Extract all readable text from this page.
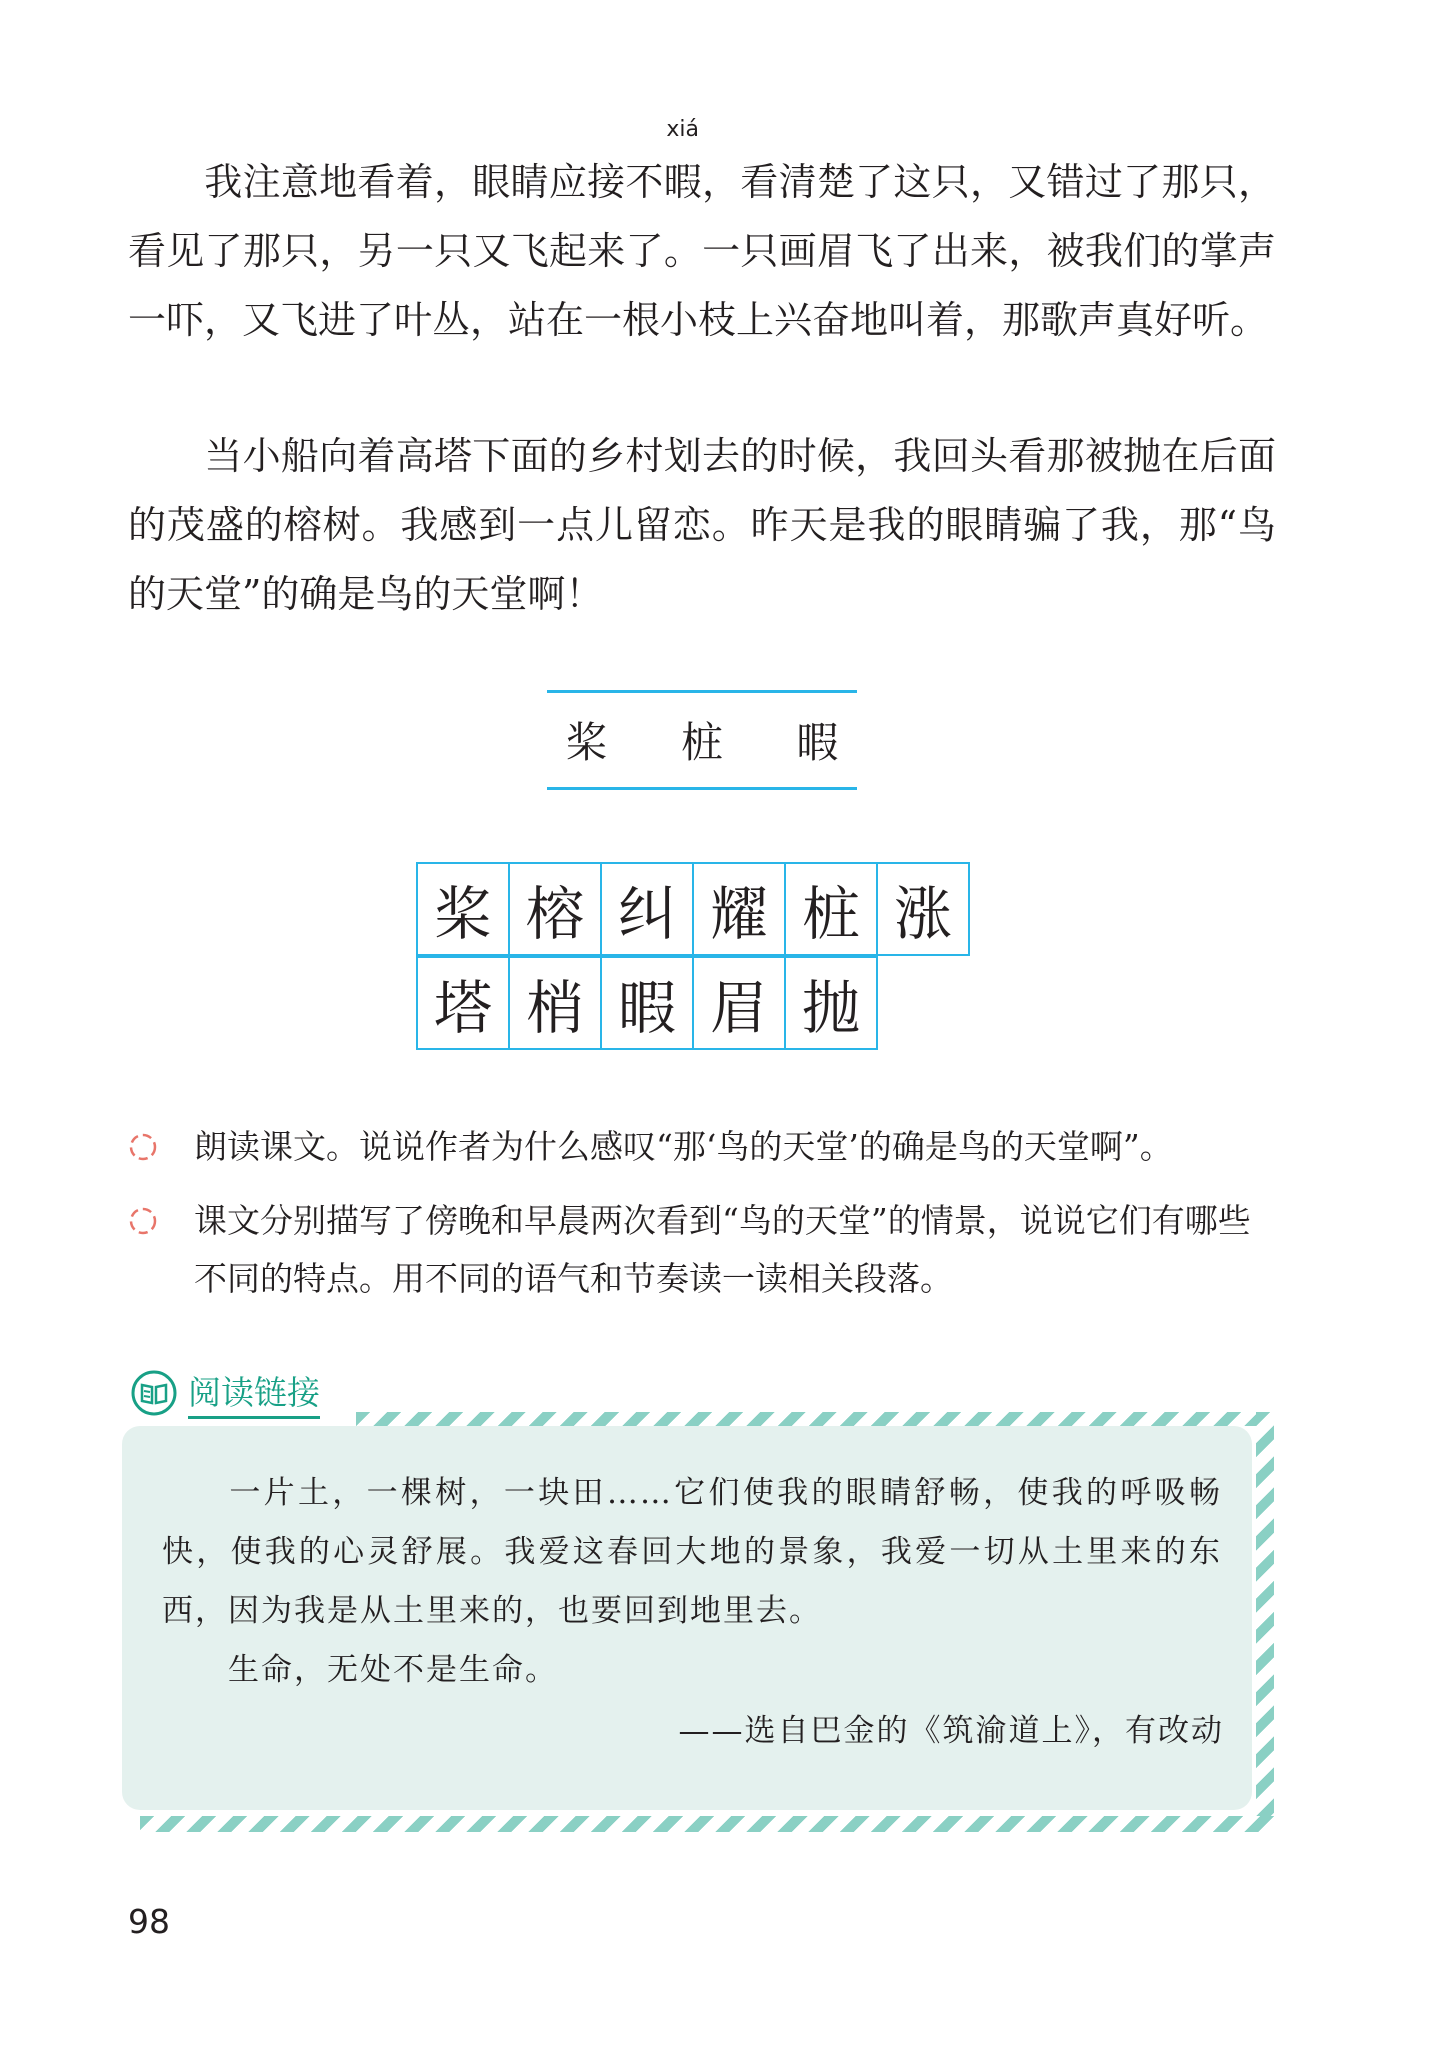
我注意地看着，眼睛应接不
xiá
暇，看清楚了这只，又错过了那只，看见了那只，另一只又飞起来了。一只画眉飞了出来，被我们的掌声一吓，又飞进了叶丛，站在一根小枝上兴奋地叫着，那歌声真好听。

当小船向着高塔下面的乡村划去的时候，我回头看那被抛在后面的茂盛的榕树。我感到一点儿留恋。昨天是我的眼睛骗了我，那“鸟的天堂”的确是鸟的天堂啊！

桨 桩 暇
桨 榕 纠 耀 桩 涨
塔 梢 暇 眉 抛

朗读课文。说说作者为什么感叹“那‘鸟的天堂’的确是鸟的天堂啊”。

课文分别描写了傍晚和早晨两次看到“鸟的天堂”的情景，说说它们有哪些不同的特点。用不同的语气和节奏读一读相关段落。

阅读链接

一片土，一棵树，一块田……它们使我的眼睛舒畅，使我的呼吸畅快，使我的心灵舒展。我爱这春回大地的景象，我爱一切从土里来的东西，因为我是从土里来的，也要回到地里去。

生命，无处不是生命。

——选自巴金的《筑渝道上》，有改动
98
